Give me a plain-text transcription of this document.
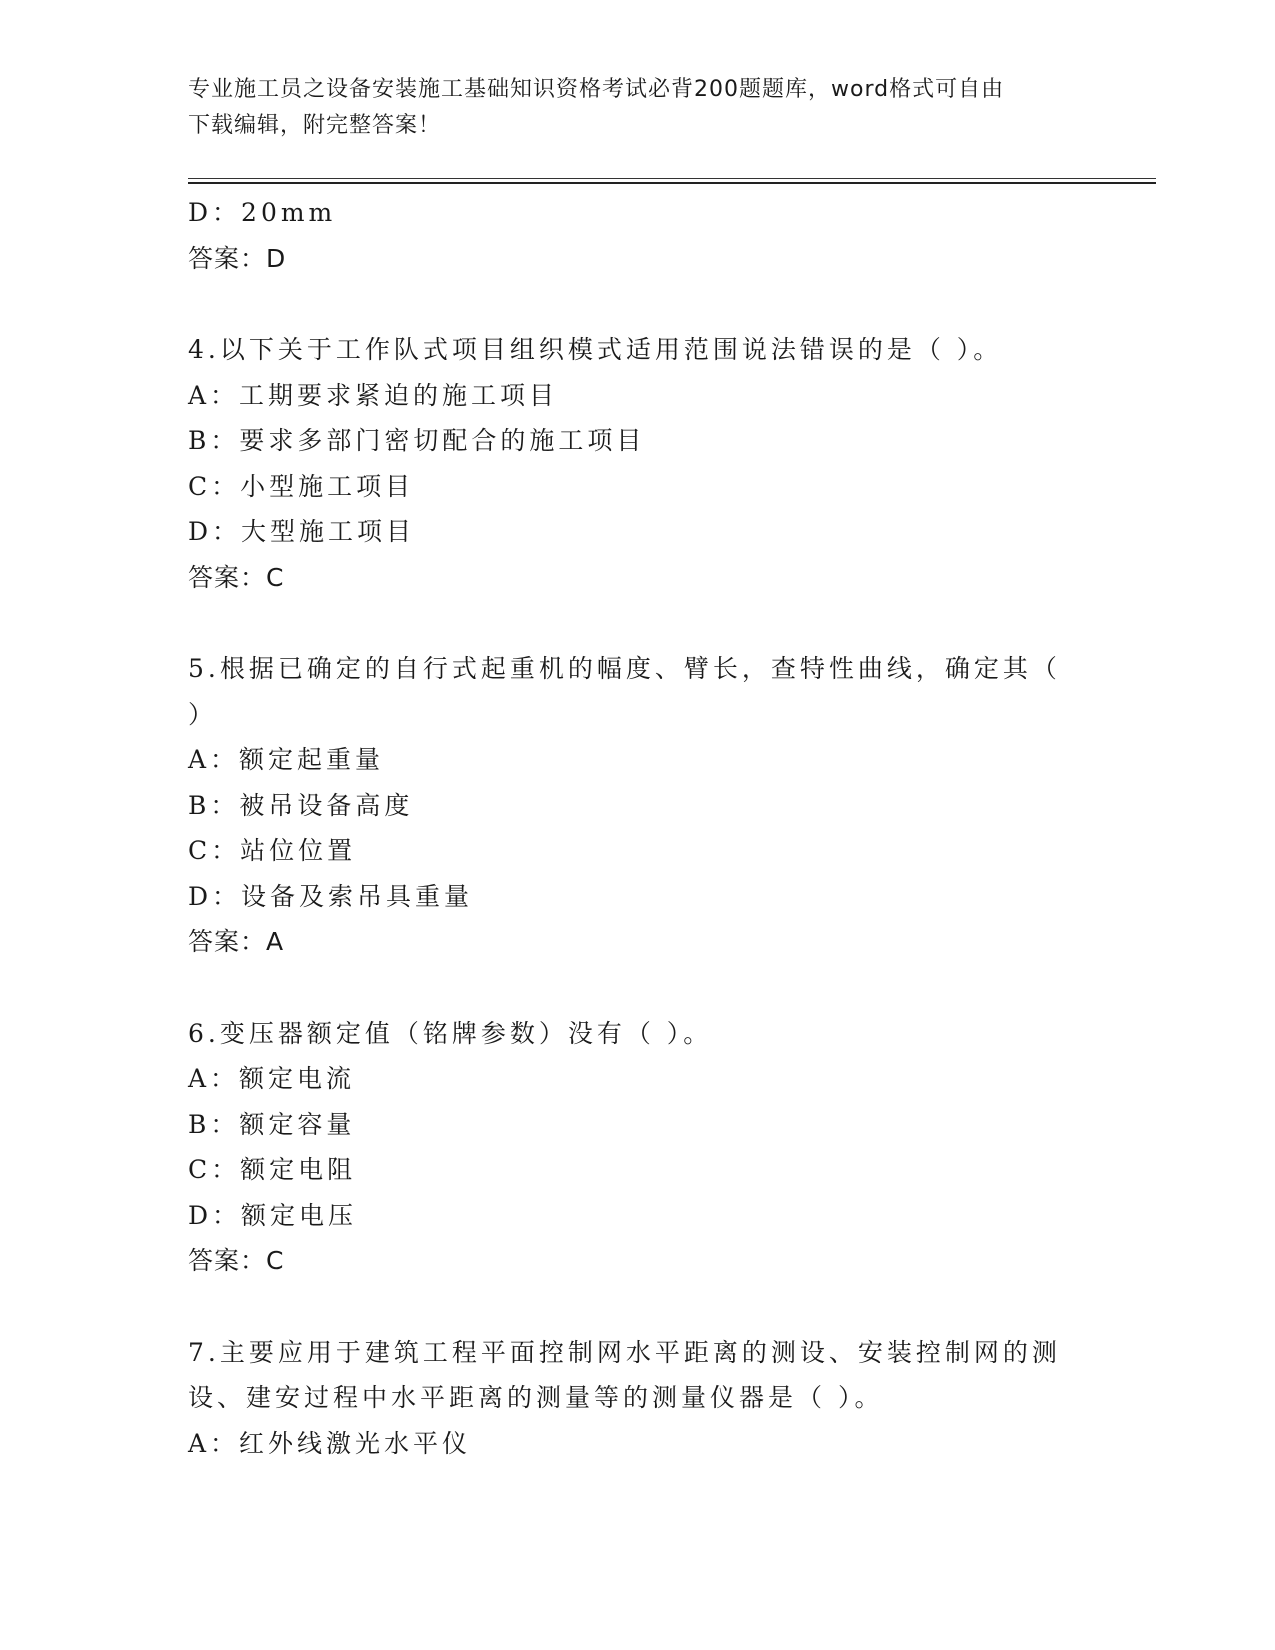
专业施工员之设备安装施工基础知识资格考试必背200题题库，word格式可自由
下载编辑，附完整答案！
D：20mm
答案：D
4.以下关于工作队式项目组织模式适用范围说法错误的是（ ）。
A：工期要求紧迫的施工项目
B：要求多部门密切配合的施工项目
C：小型施工项目
D：大型施工项目
答案：C
5.根据已确定的自行式起重机的幅度、臂长，查特性曲线，确定其（
）
A：额定起重量
B：被吊设备高度
C：站位位置
D：设备及索吊具重量
答案：A
6.变压器额定值（铭牌参数）没有（ ）。
A：额定电流
B：额定容量
C：额定电阻
D：额定电压
答案：C
7.主要应用于建筑工程平面控制网水平距离的测设、安装控制网的测
设、建安过程中水平距离的测量等的测量仪器是（ ）。
A：红外线激光水平仪
